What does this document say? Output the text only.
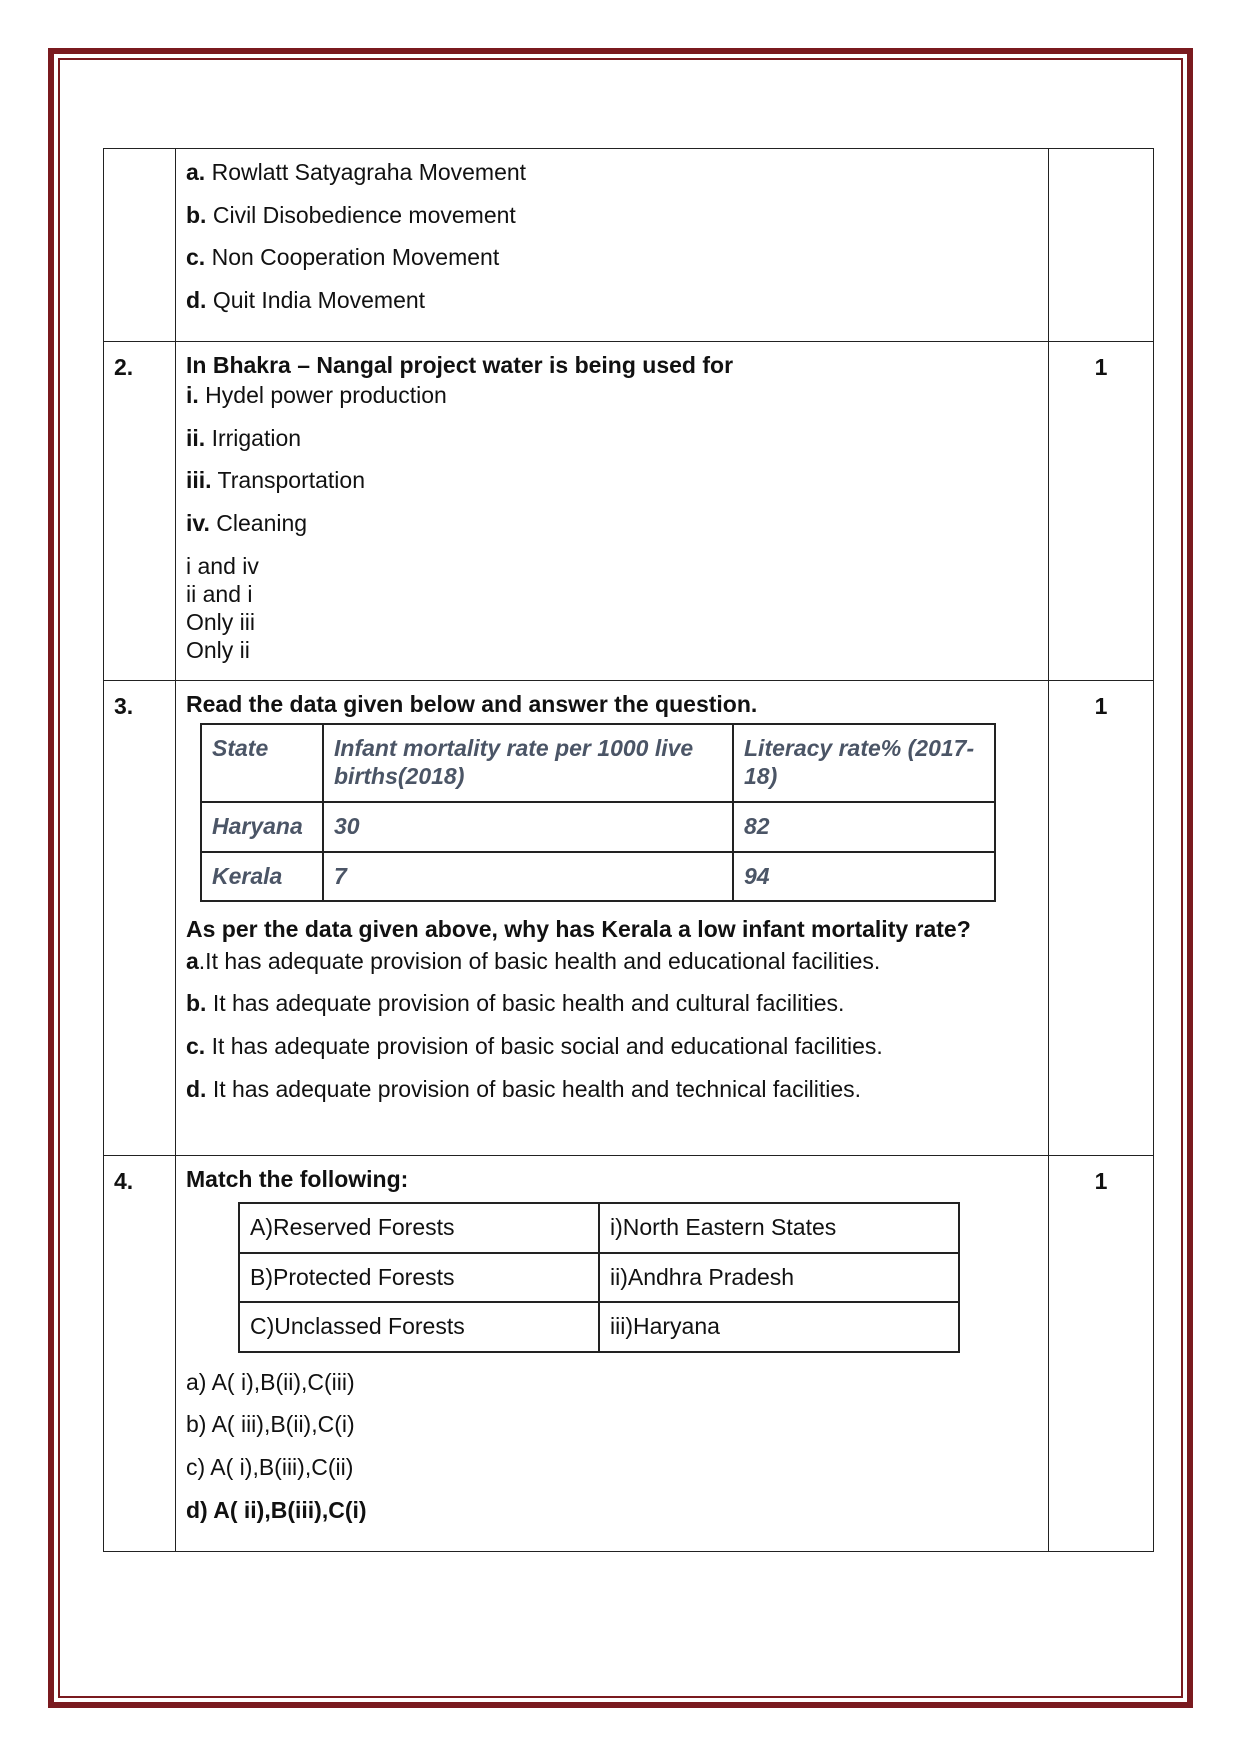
a. Rowlatt Satyagraha Movement
b. Civil Disobedience movement
c. Non Cooperation Movement
d. Quit India Movement

2.	In Bhakra – Nangal project water is being used for
i. Hydel power production
ii. Irrigation
iii. Transportation
iv. Cleaning
i and iv
ii and i
Only iii
Only ii
	1
3.	Read the data given below and answer the question.
State	Infant mortality rate per 1000 live births(2018)	Literacy rate% (2017-18)
Haryana	30	82
Kerala	7	94
As per the data given above, why has Kerala a low infant mortality rate?
a.It has adequate provision of basic health and educational facilities.
b. It has adequate provision of basic health and cultural facilities.
c. It has adequate provision of basic social and educational facilities.
d. It has adequate provision of basic health and technical facilities.
	1
4.	Match the following:
A)Reserved Forests	i)North Eastern States
B)Protected Forests	ii)Andhra Pradesh
C)Unclassed Forests	iii)Haryana
a) A( i),B(ii),C(iii)
b) A( iii),B(ii),C(i)
c) A( i),B(iii),C(ii)
d) A( ii),B(iii),C(i)
	1
